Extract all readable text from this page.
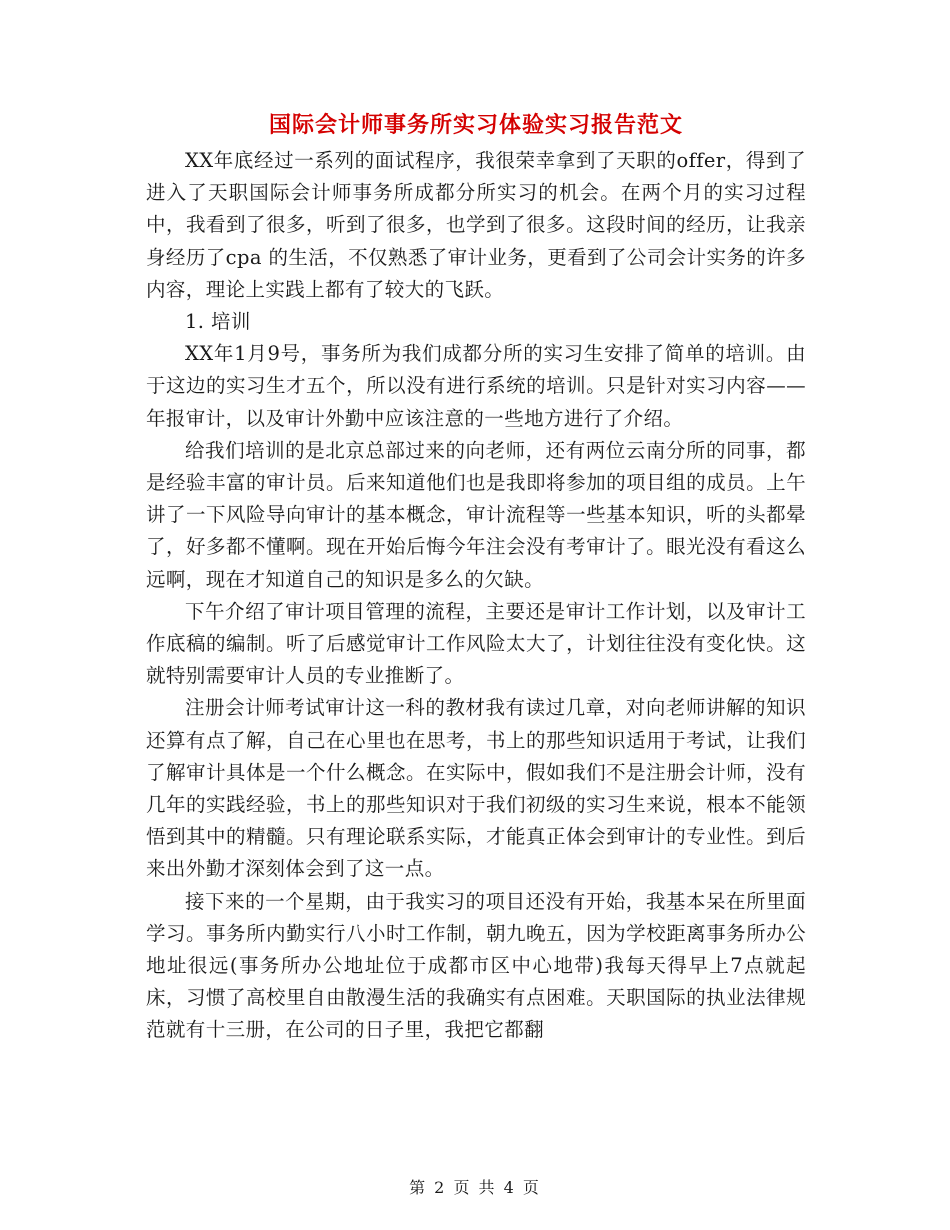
国际会计师事务所实习体验实习报告范文

XX年底经过一系列的面试程序，我很荣幸拿到了天职的offer，得到了进入了天职国际会计师事务所成都分所实习的机会。在两个月的实习过程中，我看到了很多，听到了很多，也学到了很多。这段时间的经历，让我亲身经历了cpa 的生活，不仅熟悉了审计业务，更看到了公司会计实务的许多内容，理论上实践上都有了较大的飞跃。

1. 培训

XX年1月9号，事务所为我们成都分所的实习生安排了简单的培训。由于这边的实习生才五个，所以没有进行系统的培训。只是针对实习内容——年报审计，以及审计外勤中应该注意的一些地方进行了介绍。

给我们培训的是北京总部过来的向老师，还有两位云南分所的同事，都是经验丰富的审计员。后来知道他们也是我即将参加的项目组的成员。上午讲了一下风险导向审计的基本概念，审计流程等一些基本知识，听的头都晕了，好多都不懂啊。现在开始后悔今年注会没有考审计了。眼光没有看这么远啊，现在才知道自己的知识是多么的欠缺。

下午介绍了审计项目管理的流程，主要还是审计工作计划，以及审计工作底稿的编制。听了后感觉审计工作风险太大了，计划往往没有变化快。这就特别需要审计人员的专业推断了。

注册会计师考试审计这一科的教材我有读过几章，对向老师讲解的知识还算有点了解，自己在心里也在思考，书上的那些知识适用于考试，让我们了解审计具体是一个什么概念。在实际中，假如我们不是注册会计师，没有几年的实践经验，书上的那些知识对于我们初级的实习生来说，根本不能领悟到其中的精髓。只有理论联系实际，才能真正体会到审计的专业性。到后来出外勤才深刻体会到了这一点。

接下来的一个星期，由于我实习的项目还没有开始，我基本呆在所里面学习。事务所内勤实行八小时工作制，朝九晚五，因为学校距离事务所办公地址很远(事务所办公地址位于成都市区中心地带)我每天得早上7点就起床，习惯了高校里自由散漫生活的我确实有点困难。天职国际的执业法律规范就有十三册，在公司的日子里，我把它都翻

第 2 页 共 4 页
